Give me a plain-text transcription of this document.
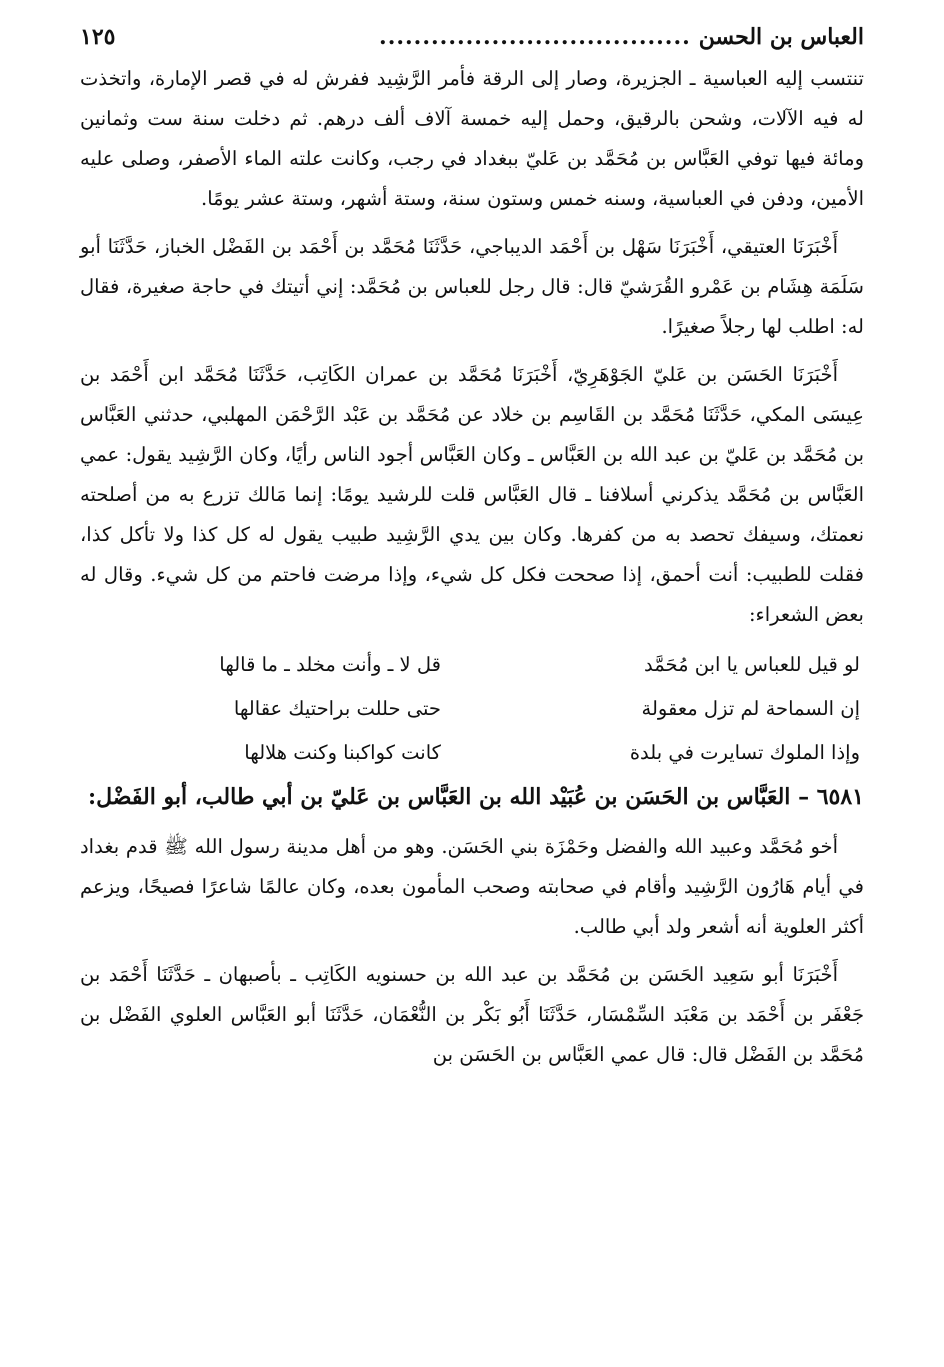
العباس بن الحسن
....................................
١٢٥

تنتسب إليه العباسية ـ الجزيرة، وصار إلى الرقة فأمر الرَّشِيد ففرش له في قصر الإمارة، واتخذت له فيه الآلات، وشحن بالرقيق، وحمل إليه خمسة آلاف ألف درهم. ثم دخلت سنة ست وثمانين ومائة فيها توفي العَبَّاس بن مُحَمَّد بن عَليّ ببغداد في رجب، وكانت علته الماء الأصفر، وصلى عليه الأمين، ودفن في العباسية، وسنه خمس وستون سنة، وستة أشهر، وستة عشر يومًا.

أَخْبَرَنَا العتيقي، أَخْبَرَنَا سَهْل بن أَحْمَد الديباجي، حَدَّثَنَا مُحَمَّد بن أَحْمَد بن الفَضْل الخباز، حَدَّثَنَا أبو سَلَمَة هِشَام بن عَمْرو القُرَشيّ قال: قال رجل للعباس بن مُحَمَّد: إني أتيتك في حاجة صغيرة، فقال له: اطلب لها رجلاً صغيرًا.

أَخْبَرَنَا الحَسَن بن عَليّ الجَوْهَرِيّ، أَخْبَرَنَا مُحَمَّد بن عمران الكَاتِب، حَدَّثَنَا مُحَمَّد ابن أَحْمَد بن عِيسَى المكي، حَدَّثَنَا مُحَمَّد بن القَاسِم بن خلاد عن مُحَمَّد بن عَبْد الرَّحْمَن المهلبي، حدثني العَبَّاس بن مُحَمَّد بن عَليّ بن عبد الله بن العَبَّاس ـ وكان العَبَّاس أجود الناس رأيًا، وكان الرَّشِيد يقول: عمي العَبَّاس بن مُحَمَّد يذكرني أسلافنا ـ قال العَبَّاس قلت للرشيد يومًا: إنما مَالك تزرع به من أصلحته نعمتك، وسيفك تحصد به من كفرها. وكان بين يدي الرَّشِيد طبيب يقول له كل كذا ولا تأكل كذا، فقلت للطبيب: أنت أحمق، إذا صححت فكل كل شيء، وإذا مرضت فاحتم من كل شيء. وقال له بعض الشعراء:

لو قيل للعباس يا ابن مُحَمَّد
قل لا ـ وأنت مخلد ـ ما قالها
إن السماحة لم تزل معقولة
حتى حللت براحتيك عقالها
وإذا الملوك تسايرت في بلدة
كانت كواكبنا وكنت هلالها
٦٥٨١ – العَبَّاس بن الحَسَن بن عُبَيْد الله بن العَبَّاس بن عَليّ بن أبي طالب، أبو الفَضْل:

أخو مُحَمَّد وعبيد الله والفضل وحَمْزَة بني الحَسَن. وهو من أهل مدينة رسول الله ﷺ قدم بغداد في أيام هَارُون الرَّشِيد وأقام في صحابته وصحب المأمون بعده، وكان عالمًا شاعرًا فصيحًا، ويزعم أكثر العلوية أنه أشعر ولد أبي طالب.

أَخْبَرَنَا أبو سَعِيد الحَسَن بن مُحَمَّد بن عبد الله بن حسنويه الكَاتِب ـ بأصبهان ـ حَدَّثَنَا أَحْمَد بن جَعْفَر بن أَحْمَد بن مَعْبَد السِّمْسَار، حَدَّثَنَا أَبُو بَكْر بن النُّعْمَان، حَدَّثَنَا أبو العَبَّاس العلوي الفَضْل بن مُحَمَّد بن الفَضْل قال: قال عمي العَبَّاس بن الحَسَن بن
